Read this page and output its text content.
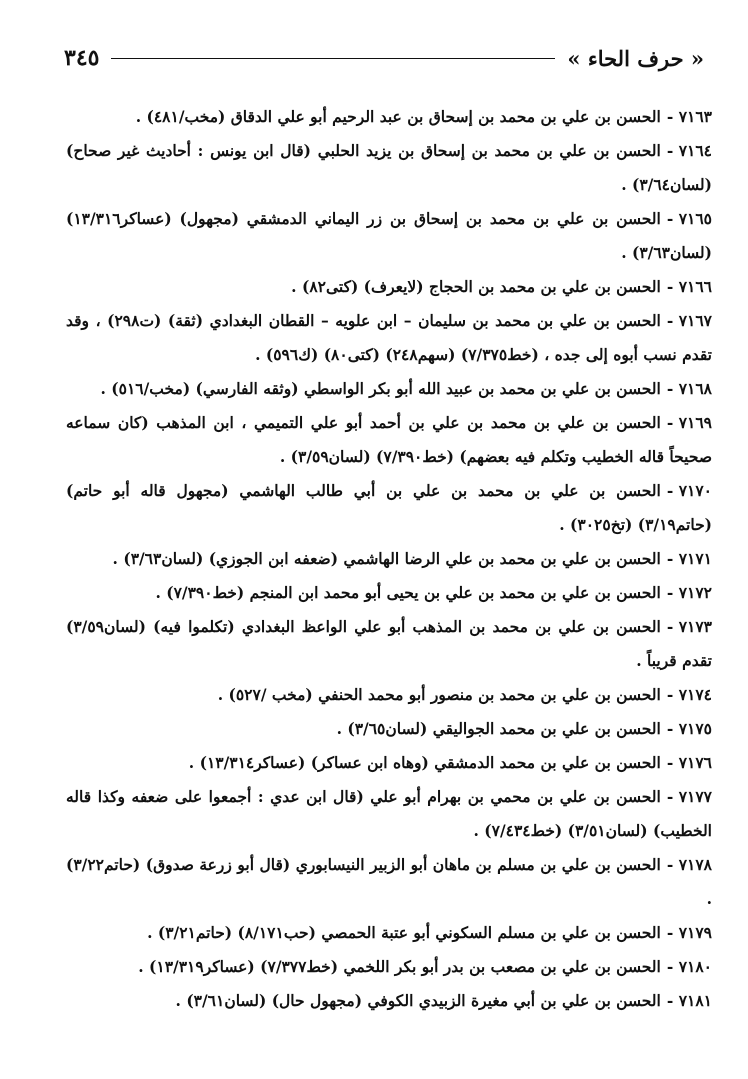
« حرف الحاء »
٣٤٥
٧١٦٣ -الحسن بن علي بن محمد بن إسحاق بن عبد الرحيم أبو علي الدقاق (مخب/٤٨١) .
٧١٦٤ -الحسن بن علي بن محمد بن إسحاق بن يزيد الحلبي (قال ابن يونس : أحاديث غير صحاح) (لسان٣/٦٤) .
٧١٦٥ -الحسن بن علي بن محمد بن إسحاق بن زر اليماني الدمشقي (مجهول) (عساكر١٣/٣١٦) (لسان٣/٦٣) .
٧١٦٦ -الحسن بن علي بن محمد بن الحجاج (لايعرف) (كتى٨٢) .
٧١٦٧ -الحسن بن علي بن محمد بن سليمان – ابن علويه – القطان البغدادي (ثقة) (ت٢٩٨) ، وقد تقدم نسب أبوه إلى جده ، (خط٧/٣٧٥) (سهم٢٤٨) (كتى٨٠) (ك٥٩٦) .
٧١٦٨ -الحسن بن علي بن محمد بن عبيد الله أبو بكر الواسطي (وثقه الفارسي) (مخب/٥١٦) .
٧١٦٩ -الحسن بن علي بن محمد بن علي بن أحمد أبو علي التميمي ، ابن المذهب (كان سماعه صحيحاً قاله الخطيب وتكلم فيه بعضهم) (خط٧/٣٩٠) (لسان٣/٥٩) .
٧١٧٠ -الحسن بن علي بن محمد بن علي بن أبي طالب الهاشمي (مجهول قاله أبو حاتم) (حاتم٣/١٩) (تخ٣٠٢٥) .
٧١٧١ -الحسن بن علي بن محمد بن علي الرضا الهاشمي (ضعفه ابن الجوزي) (لسان٣/٦٣) .
٧١٧٢ -الحسن بن علي بن محمد بن علي بن يحيى أبو محمد ابن المنجم (خط٧/٣٩٠) .
٧١٧٣ -الحسن بن علي بن محمد بن المذهب أبو علي الواعظ البغدادي (تكلموا فيه) (لسان٣/٥٩) تقدم قريباً .
٧١٧٤ -الحسن بن علي بن محمد بن منصور أبو محمد الحنفي (مخب /٥٢٧) .
٧١٧٥ -الحسن بن علي بن محمد الجواليقي (لسان٣/٦٥) .
٧١٧٦ -الحسن بن علي بن محمد الدمشقي (وهاه ابن عساكر) (عساكر١٣/٣١٤) .
٧١٧٧ -الحسن بن علي بن محمي بن بهرام أبو علي (قال ابن عدي : أجمعوا على ضعفه وكذا قاله الخطيب) (لسان٣/٥١) (خط٧/٤٣٤) .
٧١٧٨ -الحسن بن علي بن مسلم بن ماهان أبو الزبير النيسابوري (قال أبو زرعة صدوق) (حاتم٣/٢٢) .
٧١٧٩ -الحسن بن علي بن مسلم السكوني أبو عتبة الحمصي (حب٨/١٧١) (حاتم٣/٢١) .
٧١٨٠ -الحسن بن علي بن مصعب بن بدر أبو بكر اللخمي (خط٧/٣٧٧) (عساكر١٣/٣١٩) .
٧١٨١ -الحسن بن علي بن أبي مغيرة الزبيدي الكوفي (مجهول حال) (لسان٣/٦١) .
